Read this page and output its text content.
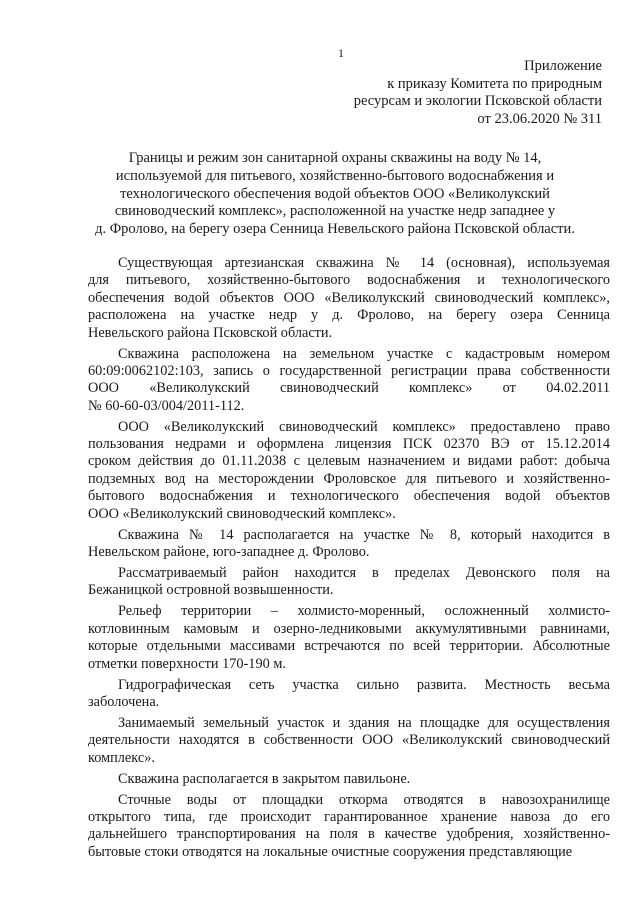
1
Приложение
к приказу Комитета по природным
ресурсам и экологии Псковской области
от 23.06.2020 № 311
Границы и режим зон санитарной охраны скважины на воду № 14,
используемой для питьевого, хозяйственно-бытового водоснабжения и
технологического обеспечения водой объектов ООО «Великолукский
свиноводческий комплекс», расположенной на участке недр западнее у
д. Фролово, на берегу озера Сенница Невельского района Псковской области.
Существующая артезианская скважина № 14 (основная), используемая
для питьевого, хозяйственно-бытового водоснабжения и технологического
обеспечения водой объектов ООО «Великолукский свиноводческий комплекс»,
расположена на участке недр у д. Фролово, на берегу озера Сенница
Невельского района Псковской области.
Скважина расположена на земельном участке с кадастровым номером
60:09:0062102:103, запись о государственной регистрации права собственности
ООО «Великолукский свиноводческий комплекс» от 04.02.2011
№ 60-60-03/004/2011-112.
ООО «Великолукский свиноводческий комплекс» предоставлено право
пользования недрами и оформлена лицензия ПСК 02370 ВЭ от 15.12.2014
сроком действия до 01.11.2038 с целевым назначением и видами работ: добыча
подземных вод на месторождении Фроловское для питьевого и хозяйственно-
бытового водоснабжения и технологического обеспечения водой объектов
ООО «Великолукский свиноводческий комплекс».
Скважина № 14 располагается на участке № 8, который находится в
Невельском районе, юго-западнее д. Фролово.
Рассматриваемый район находится в пределах Девонского поля на
Бежаницкой островной возвышенности.
Рельеф территории – холмисто-моренный, осложненный холмисто-
котловинным камовым и озерно-ледниковыми аккумулятивными равнинами,
которые отдельными массивами встречаются по всей территории. Абсолютные
отметки поверхности 170-190 м.
Гидрографическая сеть участка сильно развита. Местность весьма
заболочена.
Занимаемый земельный участок и здания на площадке для осуществления
деятельности находятся в собственности ООО «Великолукский свиноводческий
комплекс».
Скважина располагается в закрытом павильоне.
Сточные воды от площадки откорма отводятся в навозохранилище
открытого типа, где происходит гарантированное хранение навоза до его
дальнейшего транспортирования на поля в качестве удобрения, хозяйственно-
бытовые стоки отводятся на локальные очистные сооружения представляющие
